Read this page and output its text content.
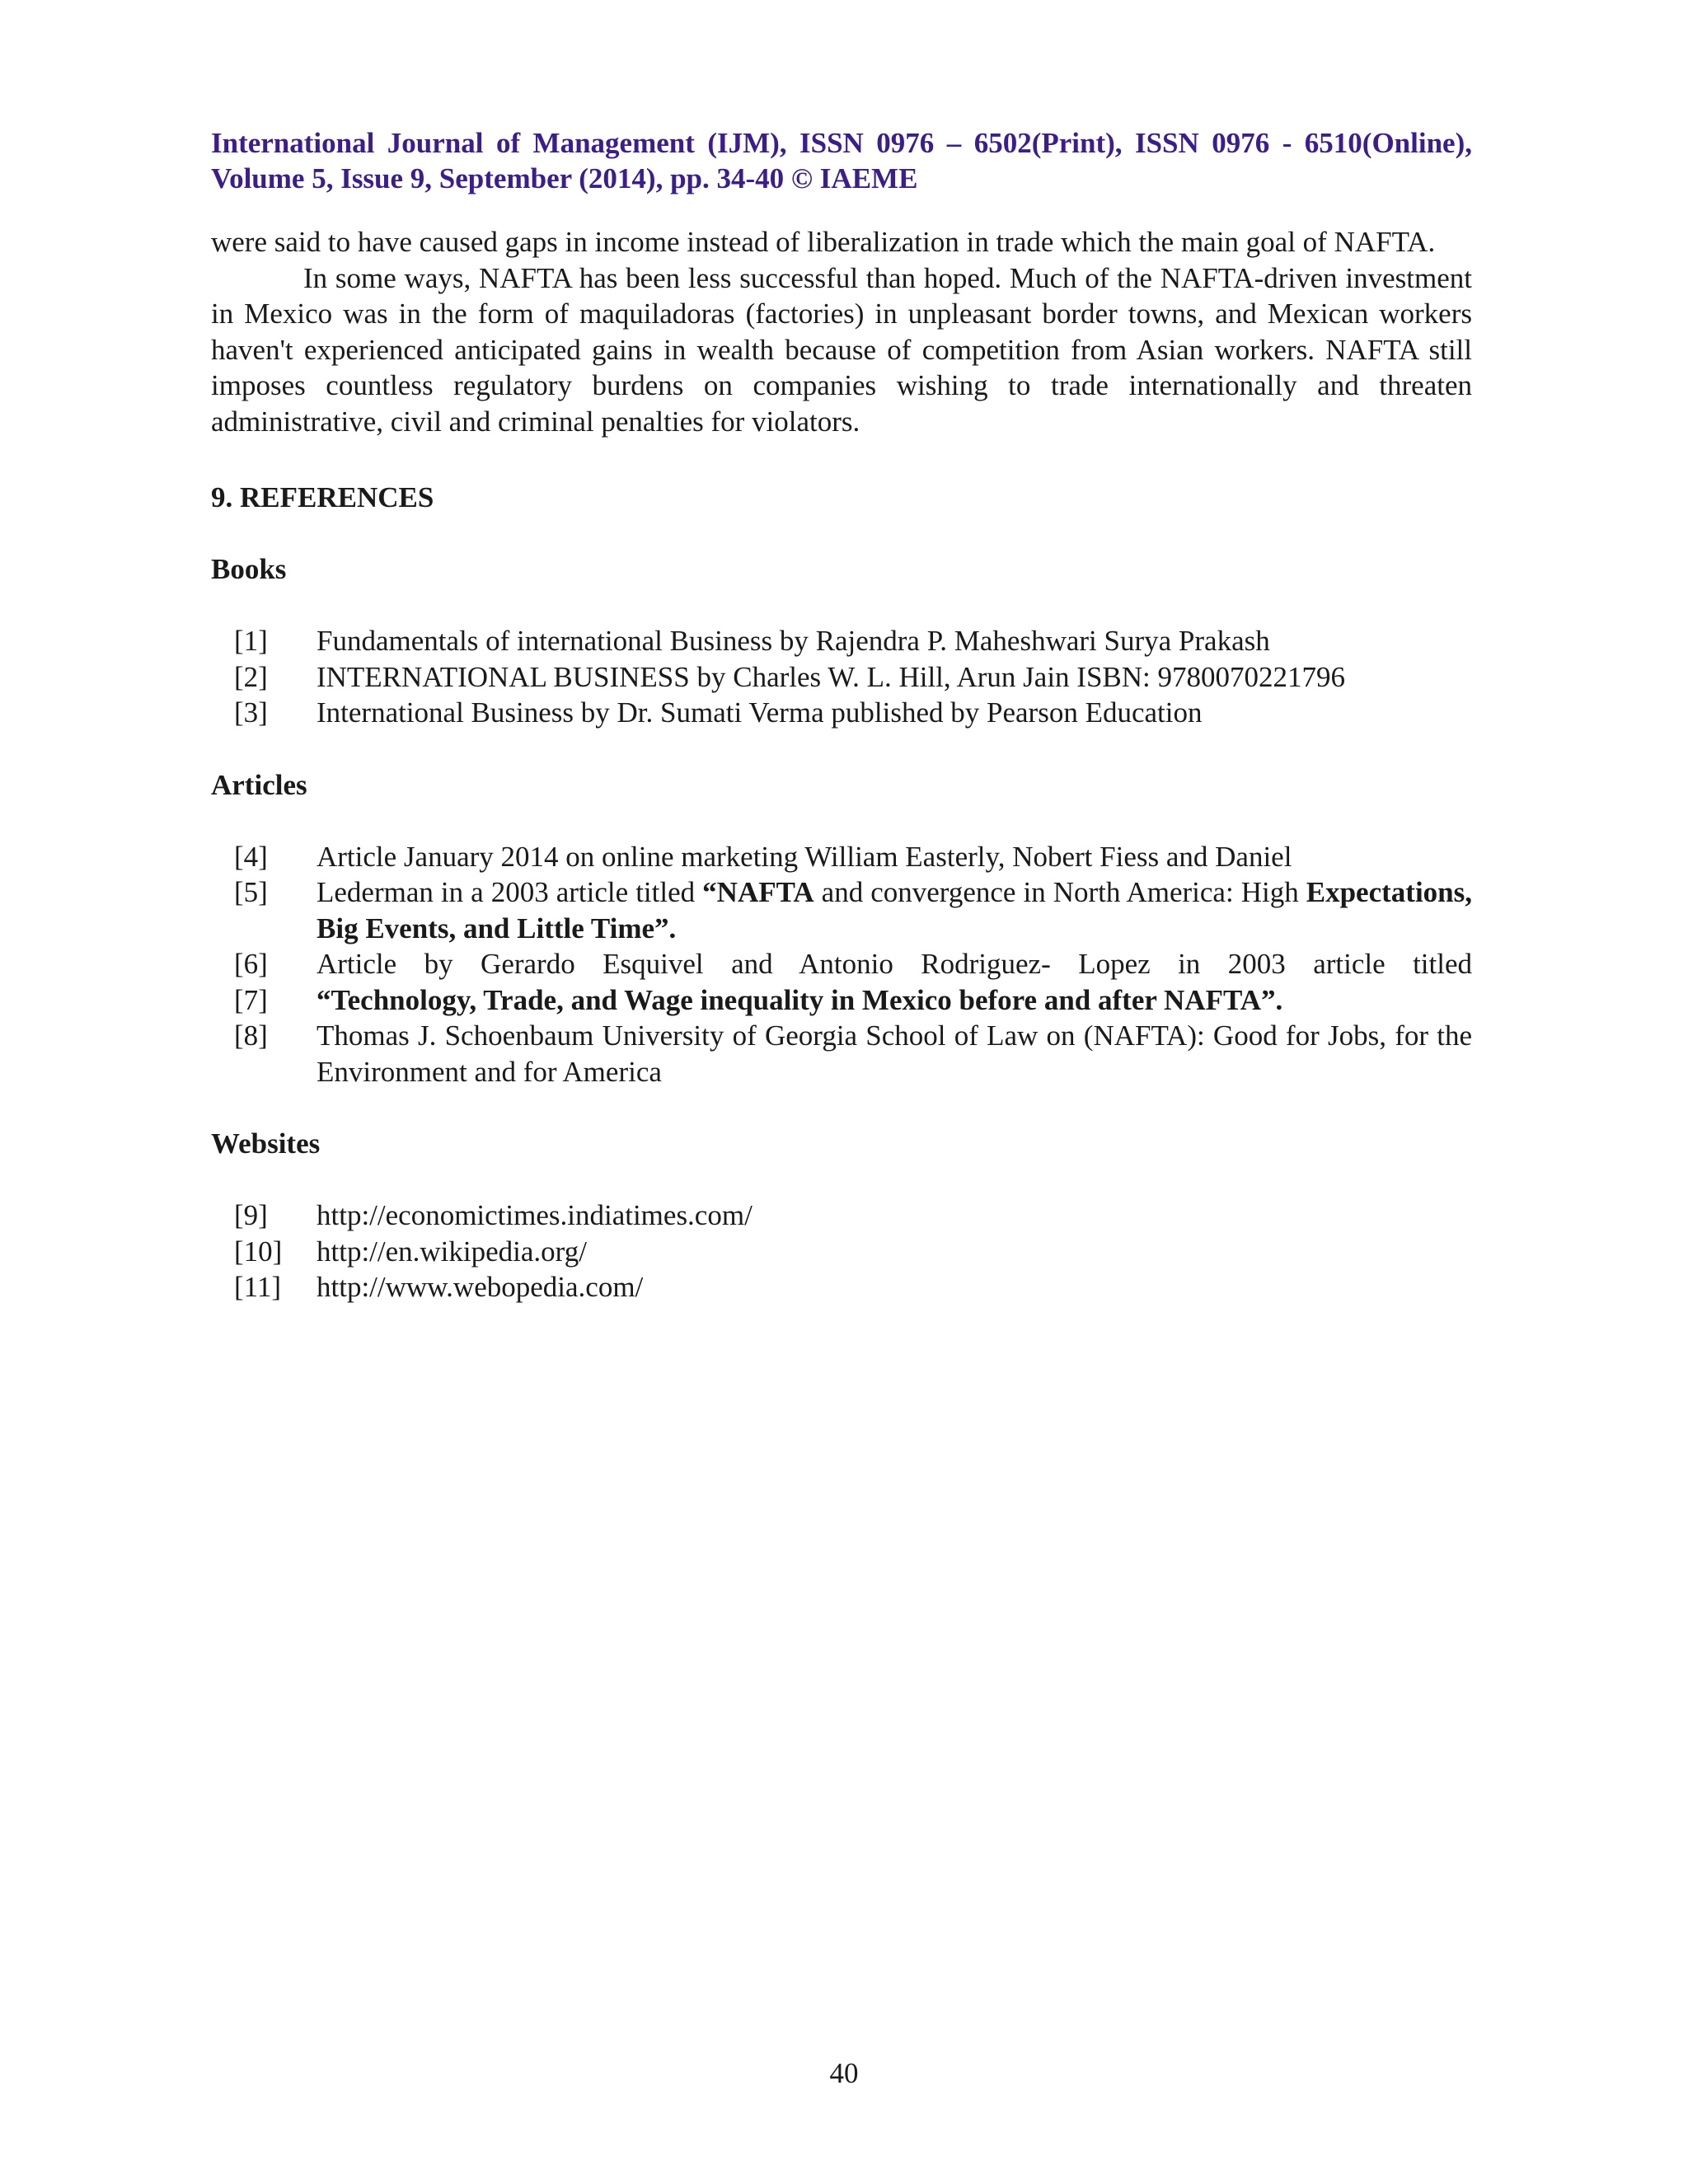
International Journal of Management (IJM), ISSN 0976 – 6502(Print), ISSN 0976 - 6510(Online),
Volume 5, Issue 9, September (2014), pp. 34-40 © IAEME

were said to have caused gaps in income instead of liberalization in trade which the main goal of NAFTA.

In some ways, NAFTA has been less successful than hoped. Much of the NAFTA-driven investment in Mexico was in the form of maquiladoras (factories) in unpleasant border towns, and Mexican workers haven't experienced anticipated gains in wealth because of competition from Asian workers. NAFTA still imposes countless regulatory burdens on companies wishing to trade internationally and threaten administrative, civil and criminal penalties for violators.

9. REFERENCES
Books
[1]	Fundamentals of international Business by Rajendra P. Maheshwari Surya Prakash
[2]	INTERNATIONAL BUSINESS by Charles W. L. Hill, Arun Jain ISBN: 9780070221796
[3]	International Business by Dr. Sumati Verma published by Pearson Education
Articles
[4]	Article January 2014 on online marketing William Easterly, Nobert Fiess and Daniel
[5]	Lederman in a 2003 article titled “NAFTA and convergence in North America: High Expectations, Big Events, and Little Time”.
[6]	Article by Gerardo Esquivel and Antonio Rodriguez- Lopez in 2003 article titled
[7]	“Technology, Trade, and Wage inequality in Mexico before and after NAFTA”.
[8]	Thomas J. Schoenbaum University of Georgia School of Law on (NAFTA): Good for Jobs, for the Environment and for America
Websites
[9]	http://economictimes.indiatimes.com/
[10]	http://en.wikipedia.org/
[11]	http://www.webopedia.com/
40
